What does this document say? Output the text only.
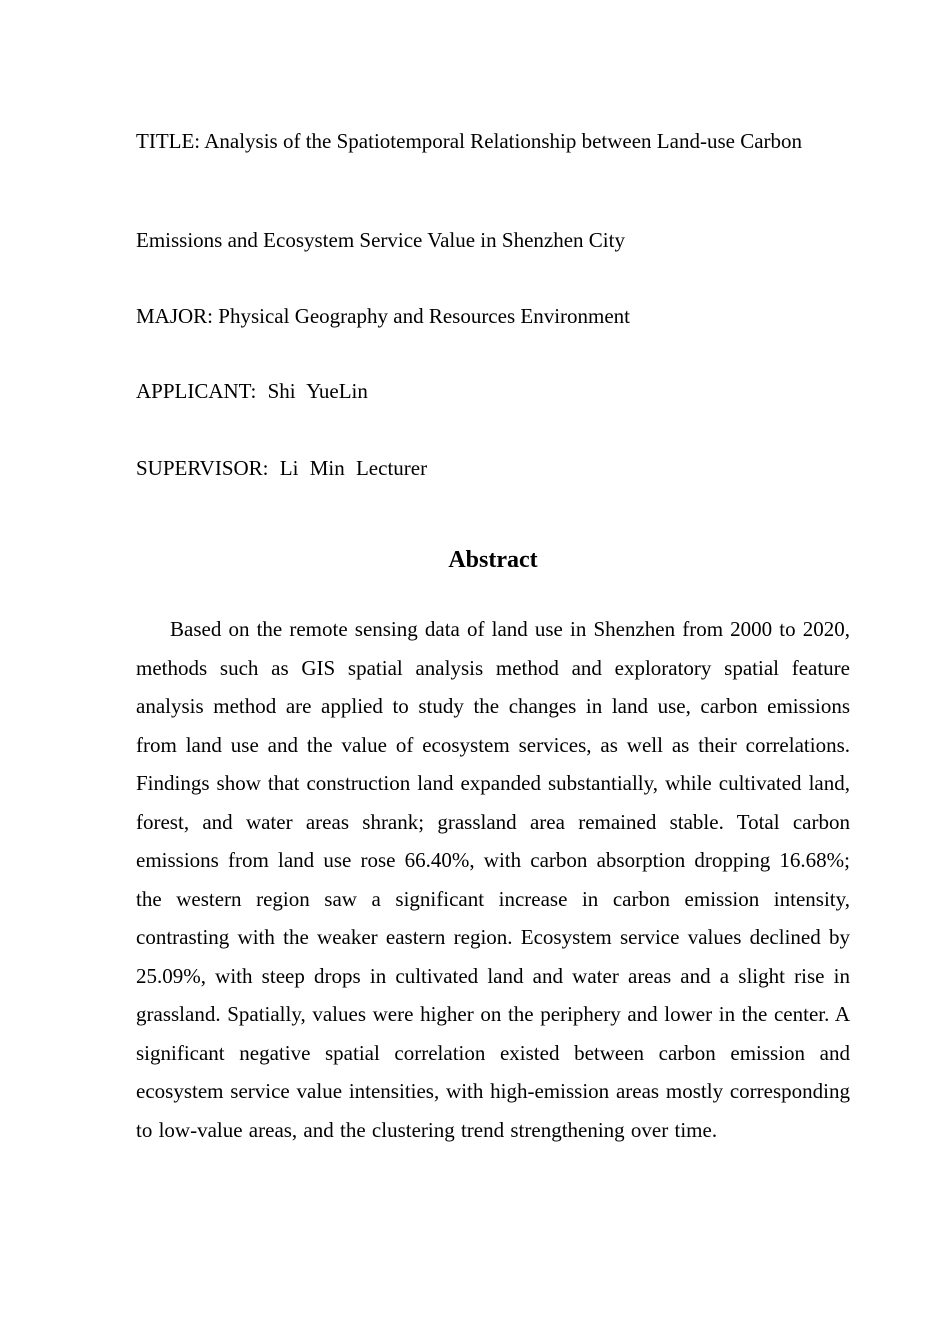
TITLE: Analysis of the Spatiotemporal Relationship between Land-use Carbon
Emissions and Ecosystem Service Value in Shenzhen City
MAJOR: Physical Geography and Resources Environment
APPLICANT: Shi YueLin
SUPERVISOR: Li Min Lecturer
Abstract

Based on the remote sensing data of land use in Shenzhen from 2000 to 2020, methods such as GIS spatial analysis method and exploratory spatial feature analysis method are applied to study the changes in land use, carbon emissions from land use and the value of ecosystem services, as well as their correlations. Findings show that construction land expanded substantially, while cultivated land, forest, and water areas shrank; grassland area remained stable. Total carbon emissions from land use rose 66.40%, with carbon absorption dropping 16.68%; the western region saw a significant increase in carbon emission intensity, contrasting with the weaker eastern region. Ecosystem service values declined by 25.09%, with steep drops in cultivated land and water areas and a slight rise in grassland. Spatially, values were higher on the periphery and lower in the center. A significant negative spatial correlation existed between carbon emission and ecosystem service value intensities, with high-emission areas mostly corresponding to low-value areas, and the clustering trend strengthening over time.
